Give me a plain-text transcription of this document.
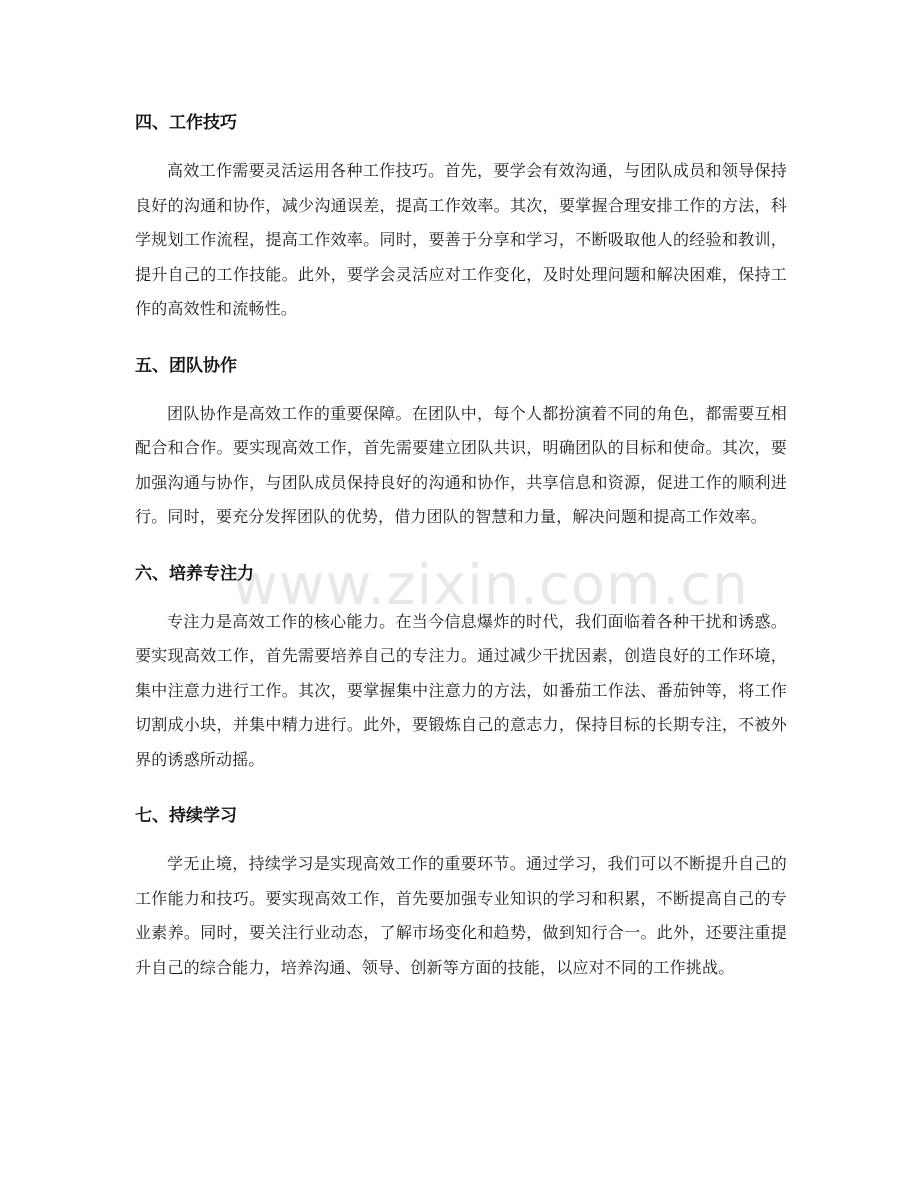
四、工作技巧

高效工作需要灵活运用各种工作技巧。首先，要学会有效沟通，与团队成员和领导保持良好的沟通和协作，减少沟通误差，提高工作效率。其次，要掌握合理安排工作的方法，科学规划工作流程，提高工作效率。同时，要善于分享和学习，不断吸取他人的经验和教训，提升自己的工作技能。此外，要学会灵活应对工作变化，及时处理问题和解决困难，保持工作的高效性和流畅性。

五、团队协作

团队协作是高效工作的重要保障。在团队中，每个人都扮演着不同的角色，都需要互相配合和合作。要实现高效工作，首先需要建立团队共识，明确团队的目标和使命。其次，要加强沟通与协作，与团队成员保持良好的沟通和协作，共享信息和资源，促进工作的顺利进行。同时，要充分发挥团队的优势，借力团队的智慧和力量，解决问题和提高工作效率。

六、培养专注力

专注力是高效工作的核心能力。在当今信息爆炸的时代，我们面临着各种干扰和诱惑。要实现高效工作，首先需要培养自己的专注力。通过减少干扰因素，创造良好的工作环境，集中注意力进行工作。其次，要掌握集中注意力的方法，如番茄工作法、番茄钟等，将工作切割成小块，并集中精力进行。此外，要锻炼自己的意志力，保持目标的长期专注，不被外界的诱惑所动摇。

七、持续学习

学无止境，持续学习是实现高效工作的重要环节。通过学习，我们可以不断提升自己的工作能力和技巧。要实现高效工作，首先要加强专业知识的学习和积累，不断提高自己的专业素养。同时，要关注行业动态，了解市场变化和趋势，做到知行合一。此外，还要注重提升自己的综合能力，培养沟通、领导、创新等方面的技能，以应对不同的工作挑战。

www.zixin.com.cn
